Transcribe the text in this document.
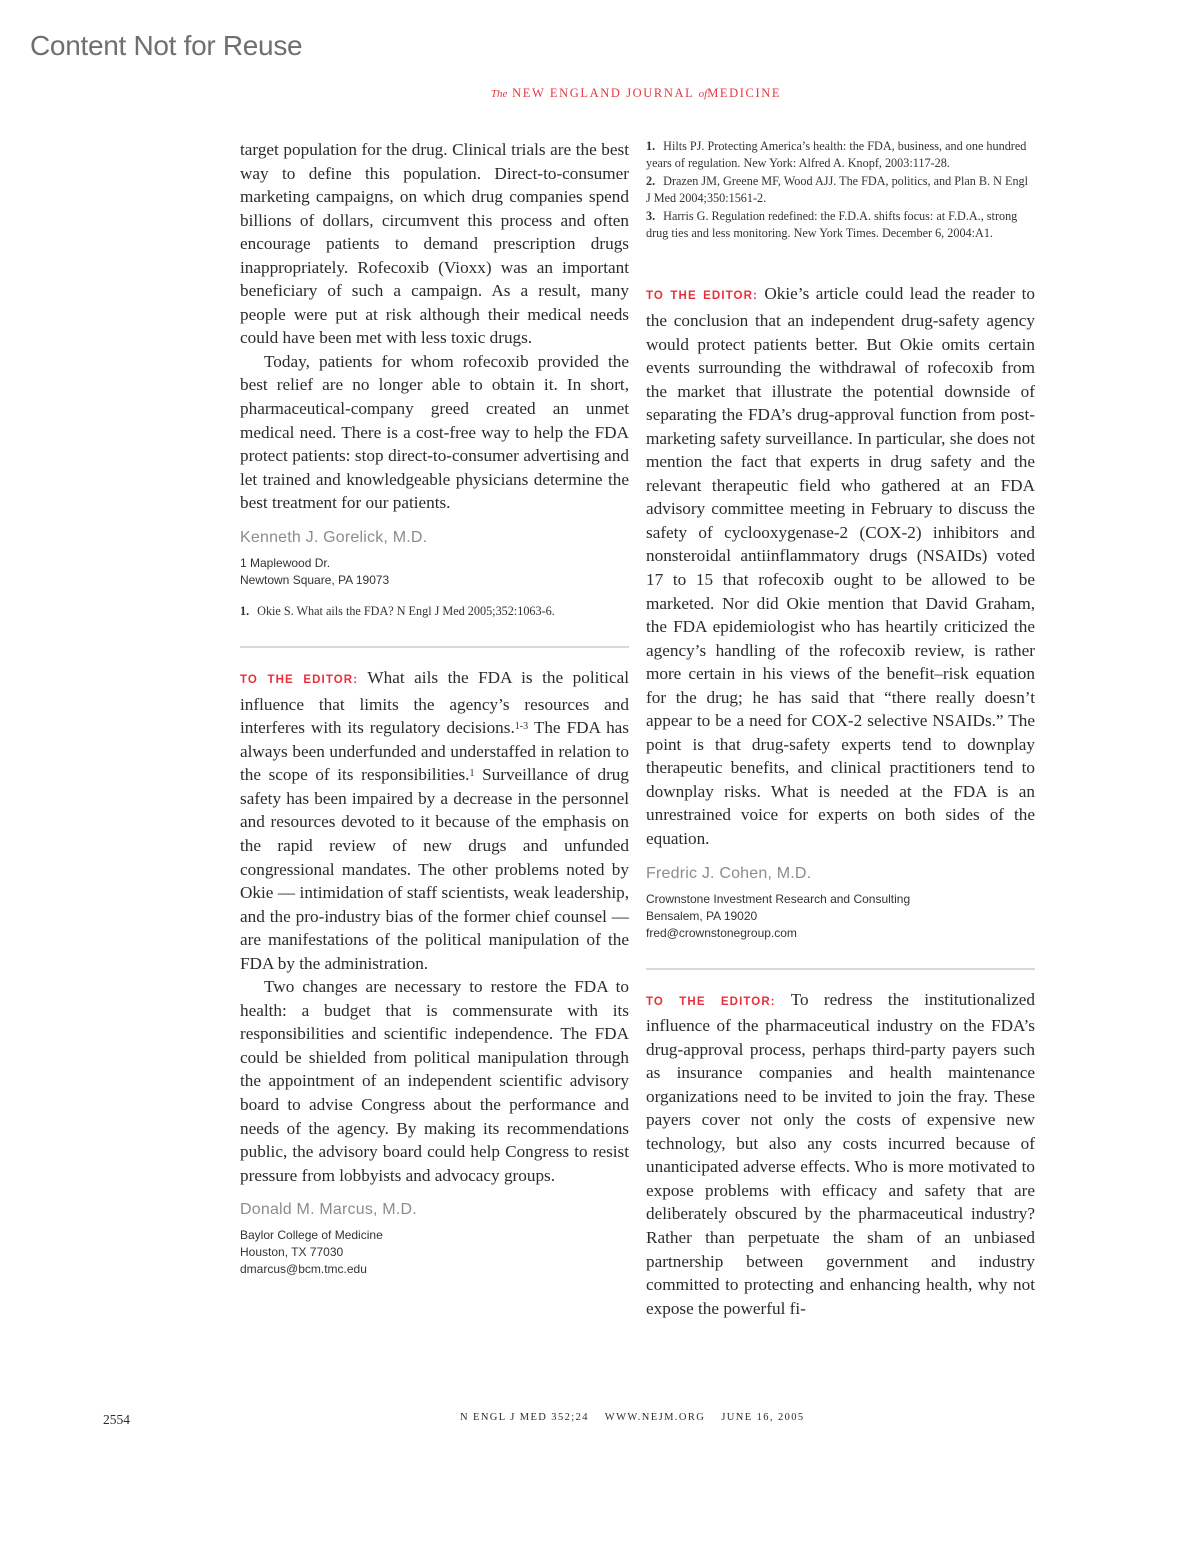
Content Not for Reuse
The NEW ENGLAND JOURNAL ofMEDICINE

target population for the drug. Clinical trials are the best way to define this population. Direct-to-consumer marketing campaigns, on which drug companies spend billions of dollars, circumvent this process and often encourage patients to demand prescription drugs inappropriately. Rofecoxib (Vioxx) was an important beneficiary of such a campaign. As a result, many people were put at risk although their medical needs could have been met with less toxic drugs.

Today, patients for whom rofecoxib provided the best relief are no longer able to obtain it. In short, pharmaceutical-company greed created an unmet medical need. There is a cost-free way to help the FDA protect patients: stop direct-to-consumer advertising and let trained and knowledgeable physicians determine the best treatment for our patients.

Kenneth J. Gorelick, M.D.
1 Maplewood Dr.
Newtown Square, PA 19073

1. Okie S. What ails the FDA? N Engl J Med 2005;352:1063-6.

TO THE EDITOR: What ails the FDA is the political influence that limits the agency’s resources and interferes with its regulatory decisions.$^{1-3}$ The FDA has always been underfunded and understaffed in relation to the scope of its responsibilities.$^1$ Surveillance of drug safety has been impaired by a decrease in the personnel and resources devoted to it because of the emphasis on the rapid review of new drugs and unfunded congressional mandates. The other problems noted by Okie — intimidation of staff scientists, weak leadership, and the pro-industry bias of the former chief counsel — are manifestations of the political manipulation of the FDA by the administration.

Two changes are necessary to restore the FDA to health: a budget that is commensurate with its responsibilities and scientific independence. The FDA could be shielded from political manipulation through the appointment of an independent scientific advisory board to advise Congress about the performance and needs of the agency. By making its recommendations public, the advisory board could help Congress to resist pressure from lobbyists and advocacy groups.

Donald M. Marcus, M.D.
Baylor College of Medicine
Houston, TX 77030
dmarcus@bcm.tmc.edu

1. Hilts PJ. Protecting America’s health: the FDA, business, and one hundred years of regulation. New York: Alfred A. Knopf, 2003:117-28.

2. Drazen JM, Greene MF, Wood AJJ. The FDA, politics, and Plan B. N Engl J Med 2004;350:1561-2.

3. Harris G. Regulation redefined: the F.D.A. shifts focus: at F.D.A., strong drug ties and less monitoring. New York Times. December 6, 2004:A1.

TO THE EDITOR: Okie’s article could lead the reader to the conclusion that an independent drug-safety agency would protect patients better. But Okie omits certain events surrounding the withdrawal of rofecoxib from the market that illustrate the potential downside of separating the FDA’s drug-approval function from post-marketing safety surveillance. In particular, she does not mention the fact that experts in drug safety and the relevant therapeutic field who gathered at an FDA advisory committee meeting in February to discuss the safety of cyclooxygenase-2 (COX-2) inhibitors and nonsteroidal antiinflammatory drugs (NSAIDs) voted 17 to 15 that rofecoxib ought to be allowed to be marketed. Nor did Okie mention that David Graham, the FDA epidemiologist who has heartily criticized the agency’s handling of the rofecoxib review, is rather more certain in his views of the benefit–risk equation for the drug; he has said that “there really doesn’t appear to be a need for COX-2 selective NSAIDs.” The point is that drug-safety experts tend to downplay therapeutic benefits, and clinical practitioners tend to downplay risks. What is needed at the FDA is an unrestrained voice for experts on both sides of the equation.

Fredric J. Cohen, M.D.
Crownstone Investment Research and Consulting
Bensalem, PA 19020
fred@crownstonegroup.com

TO THE EDITOR: To redress the institutionalized influence of the pharmaceutical industry on the FDA’s drug-approval process, perhaps third-party payers such as insurance companies and health maintenance organizations need to be invited to join the fray. These payers cover not only the costs of expensive new technology, but also any costs incurred because of unanticipated adverse effects. Who is more motivated to expose problems with efficacy and safety that are deliberately obscured by the pharmaceutical industry? Rather than perpetuate the sham of an unbiased partnership between government and industry committed to protecting and enhancing health, why not expose the powerful fi-

2554	N ENGL J MED 352;24 WWW.NEJM.ORG JUNE 16, 2005
